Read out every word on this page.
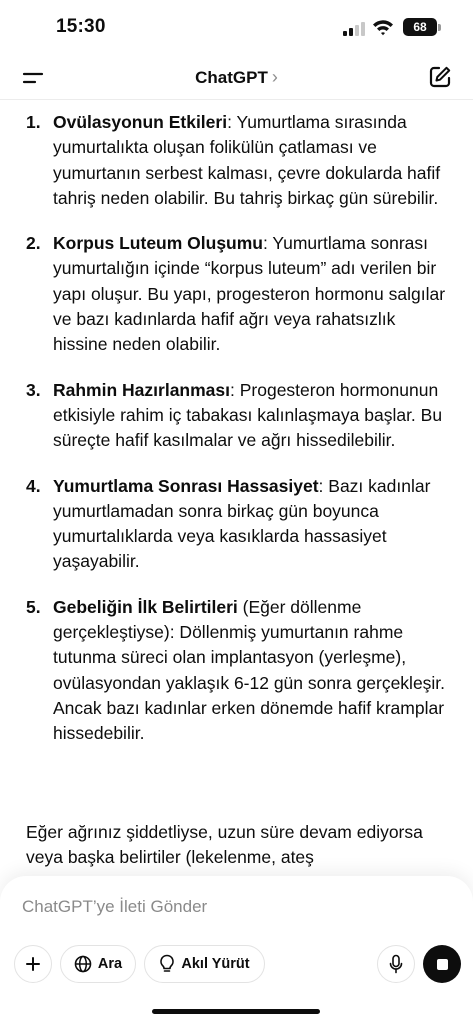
15:30	68
ChatGPT ›
1. Ovülasyonun Etkileri: Yumurtlama sırasında yumurtalıkta oluşan folikülün çatlaması ve yumurtanın serbest kalması, çevre dokularda hafif tahriş neden olabilir. Bu tahriş birkaç gün sürebilir.
2. Korpus Luteum Oluşumu: Yumurtlama sonrası yumurtalığın içinde “korpus luteum” adı verilen bir yapı oluşur. Bu yapı, progesteron hormonu salgılar ve bazı kadınlarda hafif ağrı veya rahatsızlık hissine neden olabilir.
3. Rahmin Hazırlanması: Progesteron hormonunun etkisiyle rahim iç tabakası kalınlaşmaya başlar. Bu süreçte hafif kasılmalar ve ağrı hissedilebilir.
4. Yumurtlama Sonrası Hassasiyet: Bazı kadınlar yumurtlamadan sonra birkaç gün boyunca yumurtalıklarda veya kasıklarda hassasiyet yaşayabilir.
5. Gebeliğin İlk Belirtileri (Eğer döllenme gerçekleştiyse): Döllenmiş yumurtanın rahme tutunma süreci olan implantasyon (yerleşme), ovülasyondan yaklaşık 6-12 gün sonra gerçekleşir. Ancak bazı kadınlar erken dönemde hafif kramplar hissedebilir.

Eğer ağrınız şiddetliyse, uzun süre devam ediyorsa veya başka belirtiler (lekelenme, ateş

ChatGPT’ye İleti Gönder
Ara	Akıl Yürüt
